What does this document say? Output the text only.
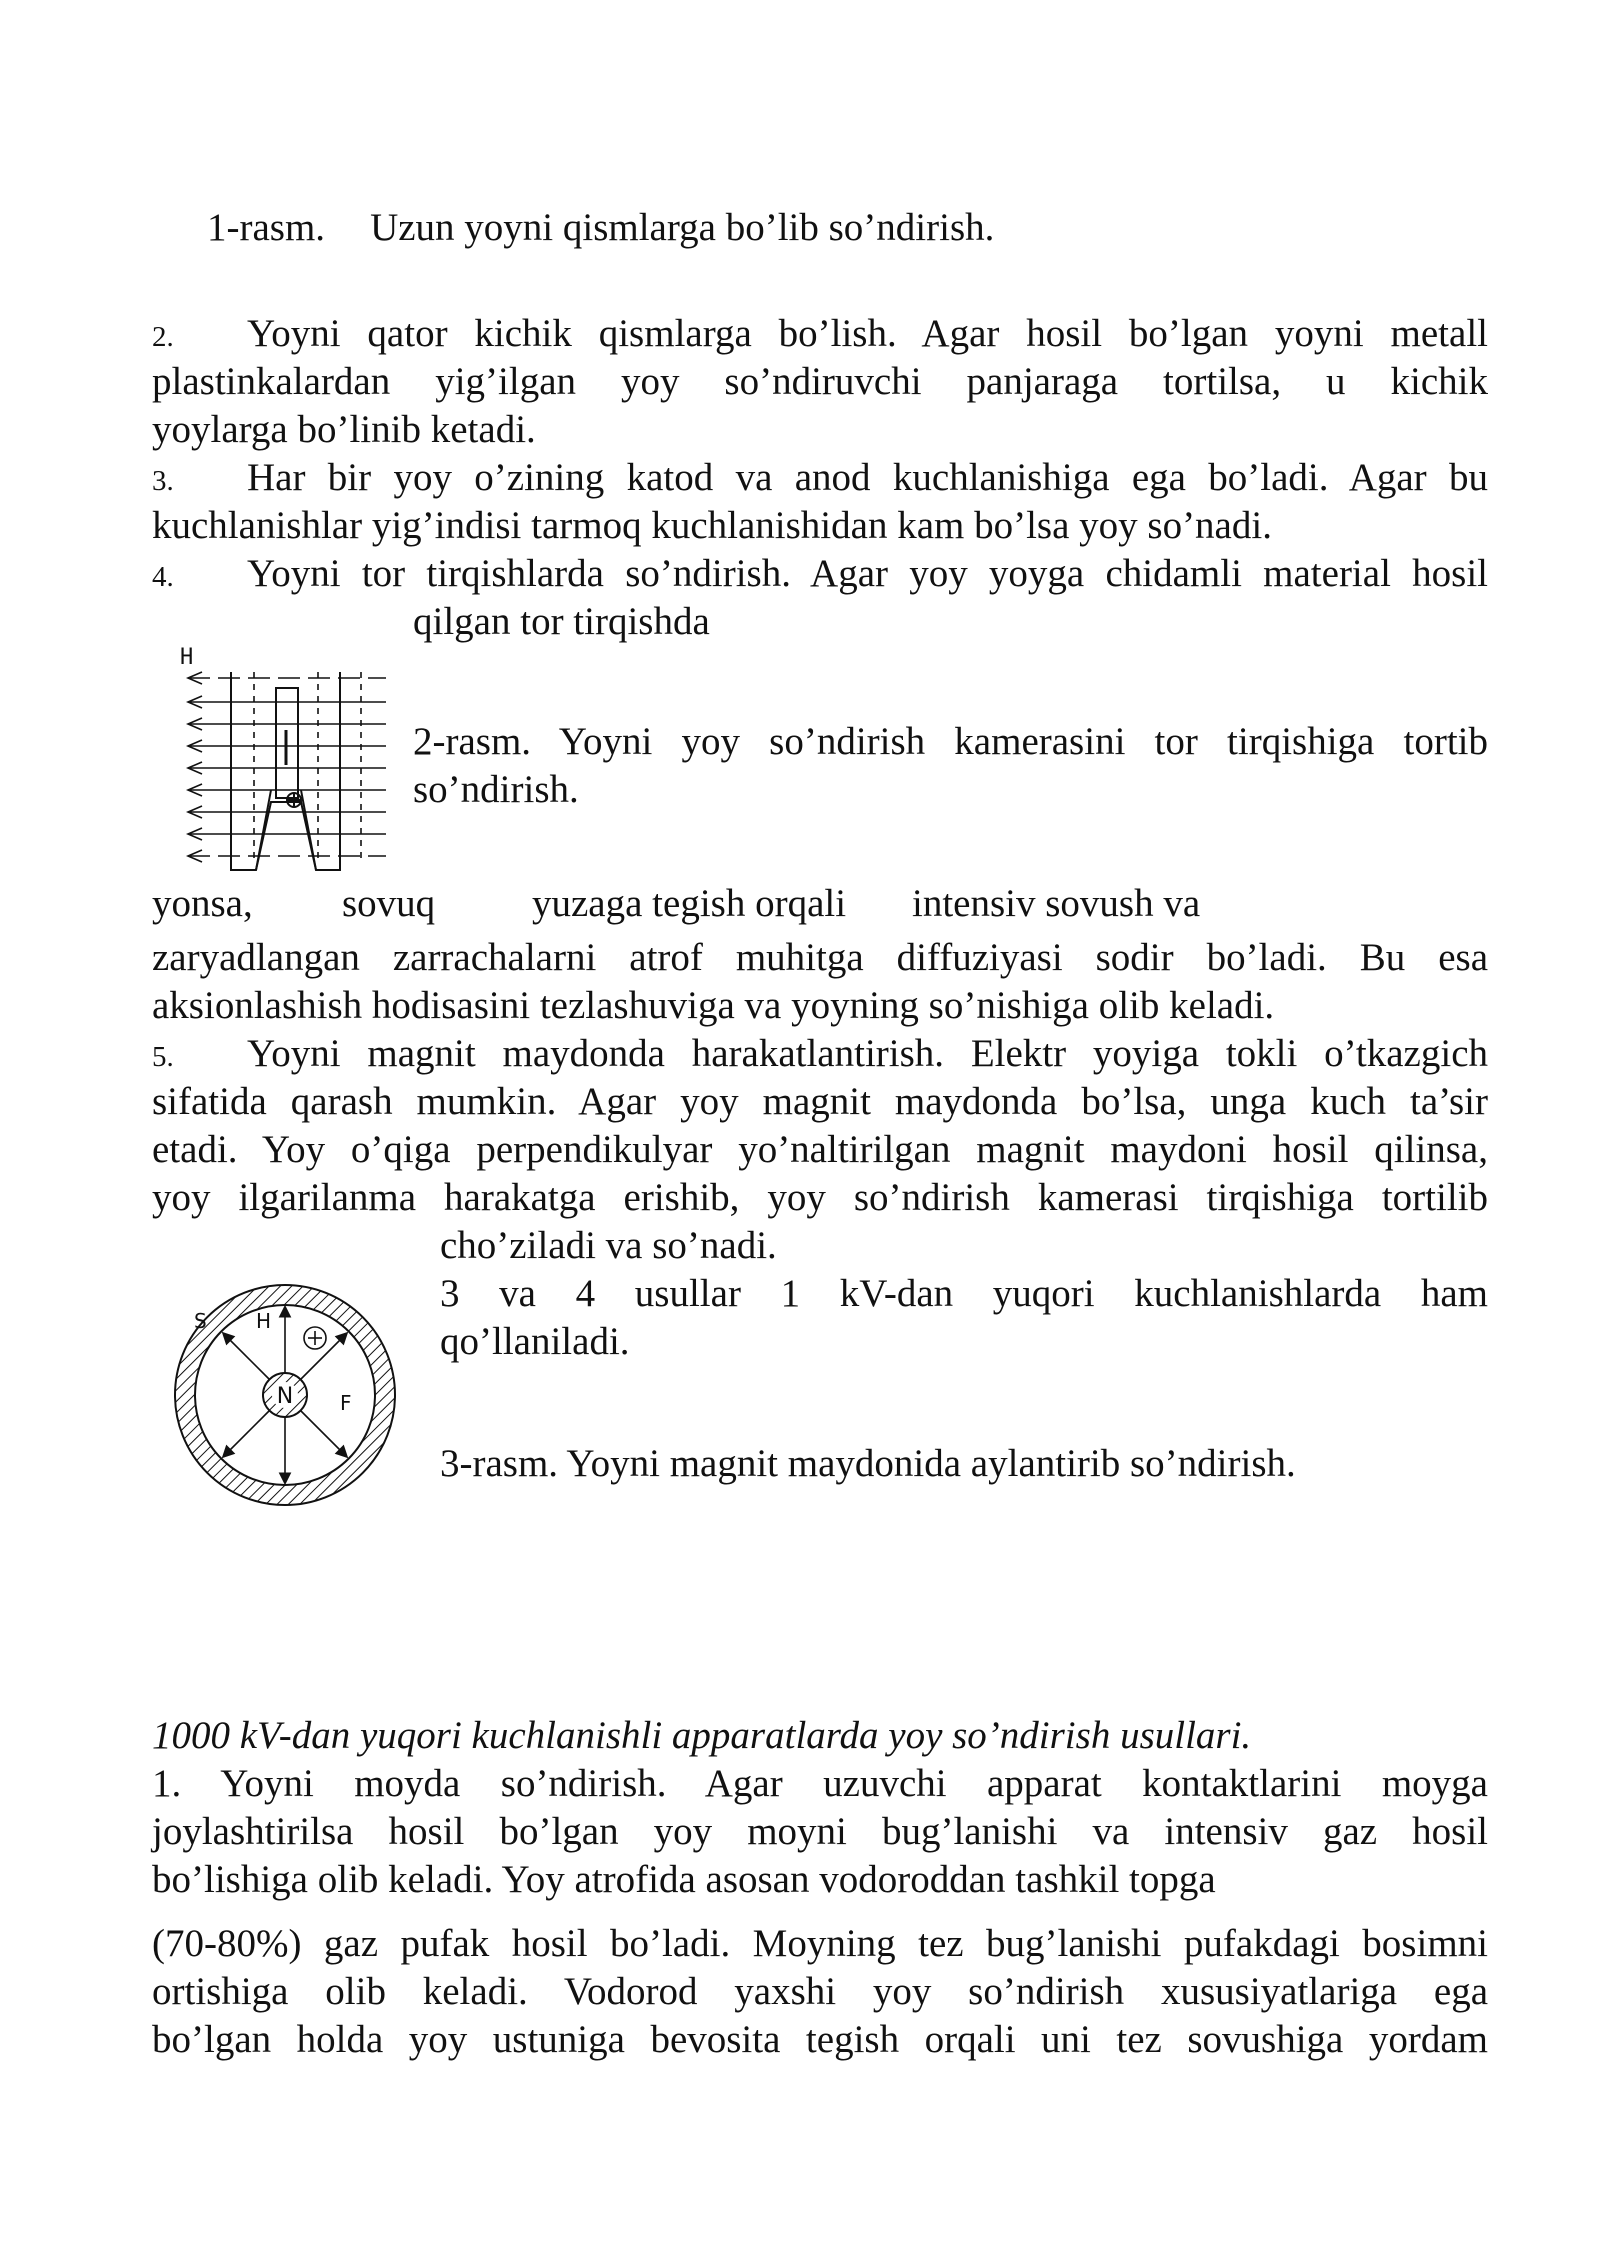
1-rasm. Uzun yoyni qismlarga bo’lib so’ndirish.
2. Yoyni qator kichik qismlarga bo’lish. Agar hosil bo’lgan yoyni metall
plastinkalardan yig’ilgan yoy so’ndiruvchi panjaraga tortilsa, u kichik
yoylarga bo’linib ketadi.
3. Har bir yoy o’zining katod va anod kuchlanishiga ega bo’ladi. Agar bu
kuchlanishlar yig’indisi tarmoq kuchlanishidan kam bo’lsa yoy so’nadi.
4. Yoyni tor tirqishlarda so’ndirish. Agar yoy yoyga chidamli material hosil
qilgan tor tirqishda
H
2-rasm. Yoyni yoy so’ndirish kamerasini tor tirqishiga tortib
so’ndirish.
yonsa, sovuq yuzaga tegish orqali intensiv sovush va
zaryadlangan zarrachalarni atrof muhitga diffuziyasi sodir bo’ladi. Bu esa
aksionlashish hodisasini tezlashuviga va yoyning so’nishiga olib keladi.
5. Yoyni magnit maydonda harakatlantirish. Elektr yoyiga tokli o’tkazgich
sifatida qarash mumkin. Agar yoy magnit maydonda bo’lsa, unga kuch ta’sir
etadi. Yoy o’qiga perpendikulyar yo’naltirilgan magnit maydoni hosil qilinsa,
yoy ilgarilanma harakatga erishib, yoy so’ndirish kamerasi tirqishiga tortilib
cho’ziladi va so’nadi.
3 va 4 usullar 1 kV-dan yuqori kuchlanishlarda ham
qo’llaniladi.
N
S H
F
3-rasm. Yoyni magnit maydonida aylantirib so’ndirish.
1000 kV-dan yuqori kuchlanishli apparatlarda yoy so’ndirish usullari.
1. Yoyni moyda so’ndirish. Agar uzuvchi apparat kontaktlarini moyga
joylashtirilsa hosil bo’lgan yoy moyni bug’lanishi va intensiv gaz hosil
bo’lishiga olib keladi. Yoy atrofida asosan vodoroddan tashkil topga
(70-80%) gaz pufak hosil bo’ladi. Moyning tez bug’lanishi pufakdagi bosimni
ortishiga olib keladi. Vodorod yaxshi yoy so’ndirish xususiyatlariga ega
bo’lgan holda yoy ustuniga bevosita tegish orqali uni tez sovushiga yordam
